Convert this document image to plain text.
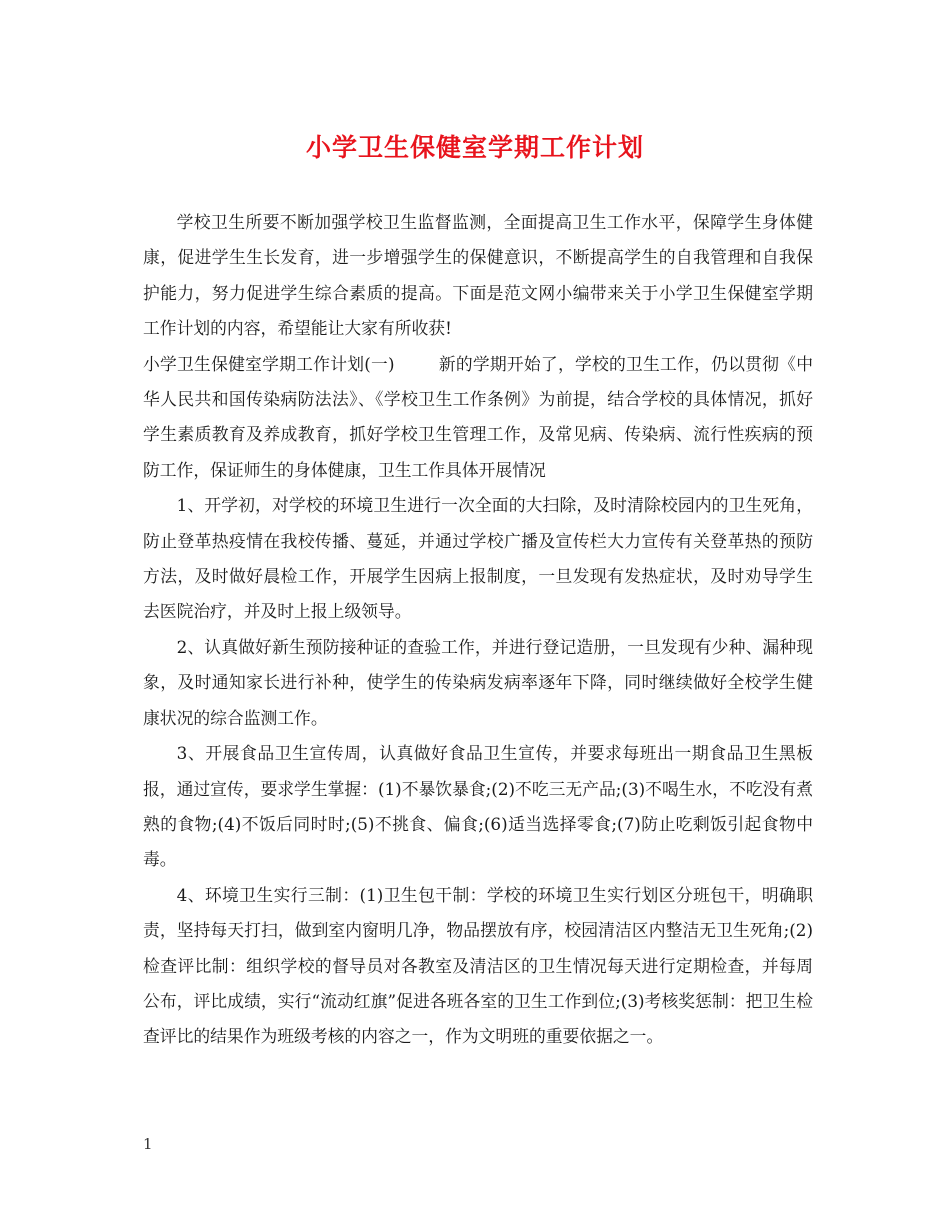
小学卫生保健室学期工作计划

学校卫生所要不断加强学校卫生监督监测，全面提高卫生工作水平，保障学生身体健康，促进学生生长发育，进一步增强学生的保健意识，不断提高学生的自我管理和自我保护能力，努力促进学生综合素质的提高。下面是范文网小编带来关于小学卫生保健室学期工作计划的内容，希望能让大家有所收获!

小学卫生保健室学期工作计划(一)	新的学期开始了，学校的卫生工作，仍以贯彻《中华人民共和国传染病防法法》、《学校卫生工作条例》为前提，结合学校的具体情况，抓好学生素质教育及养成教育，抓好学校卫生管理工作，及常见病、传染病、流行性疾病的预防工作，保证师生的身体健康，卫生工作具体开展情况

1、开学初，对学校的环境卫生进行一次全面的大扫除，及时清除校园内的卫生死角，防止登革热疫情在我校传播、蔓延，并通过学校广播及宣传栏大力宣传有关登革热的预防方法，及时做好晨检工作，开展学生因病上报制度，一旦发现有发热症状，及时劝导学生去医院治疗，并及时上报上级领导。

2、认真做好新生预防接种证的查验工作，并进行登记造册，一旦发现有少种、漏种现象，及时通知家长进行补种，使学生的传染病发病率逐年下降，同时继续做好全校学生健康状况的综合监测工作。

3、开展食品卫生宣传周，认真做好食品卫生宣传，并要求每班出一期食品卫生黑板报，通过宣传，要求学生掌握：(1)不暴饮暴食;(2)不吃三无产品;(3)不喝生水，不吃没有煮熟的食物;(4)不饭后同时时;(5)不挑食、偏食;(6)适当选择零食;(7)防止吃剩饭引起食物中毒。

4、环境卫生实行三制：(1)卫生包干制：学校的环境卫生实行划区分班包干，明确职责，坚持每天打扫，做到室内窗明几净，物品摆放有序，校园清洁区内整洁无卫生死角;(2)检查评比制：组织学校的督导员对各教室及清洁区的卫生情况每天进行定期检查，并每周公布，评比成绩，实行“流动红旗”促进各班各室的卫生工作到位;(3)考核奖惩制：把卫生检查评比的结果作为班级考核的内容之一，作为文明班的重要依据之一。

1
